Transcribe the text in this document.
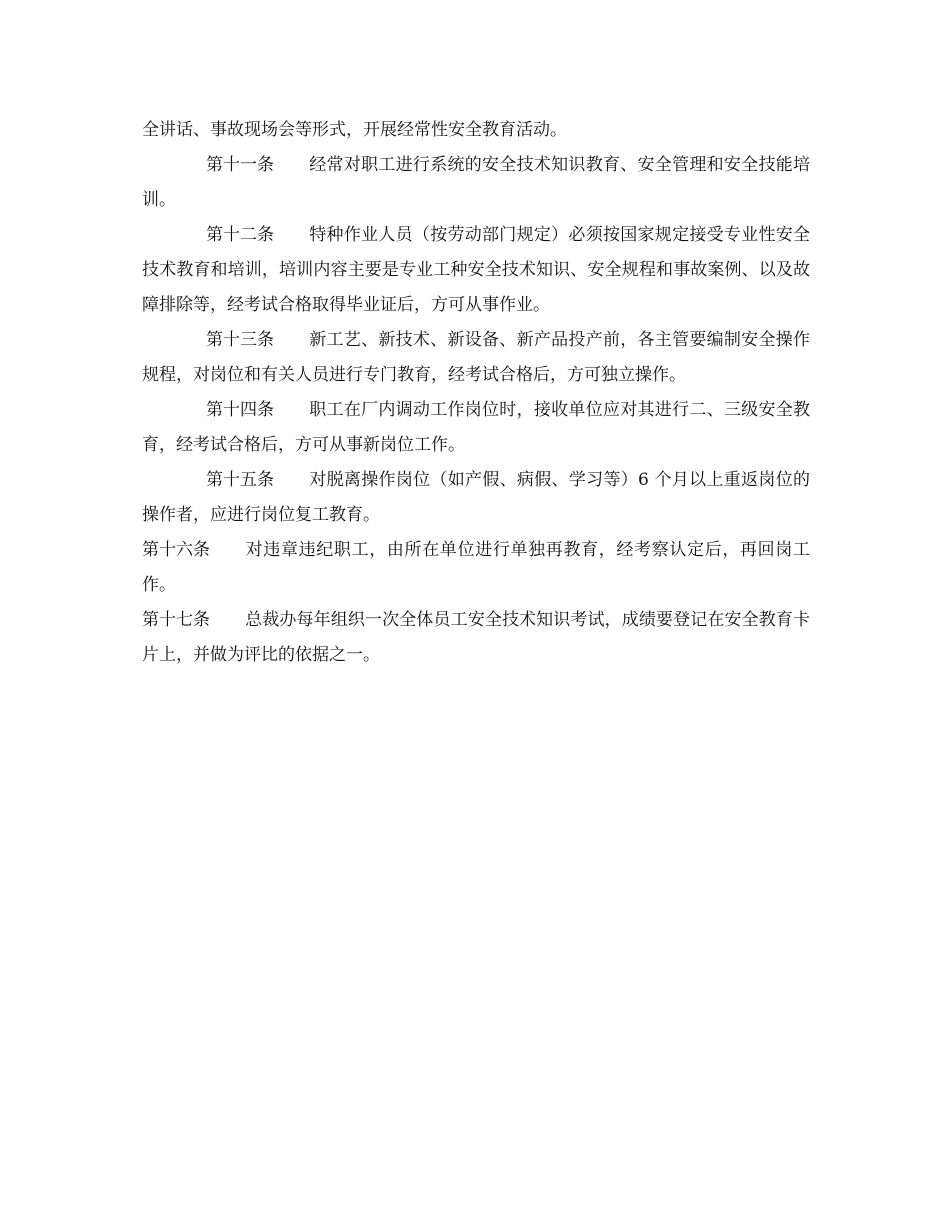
全讲话、事故现场会等形式，开展经常性安全教育活动。

第十一条 经常对职工进行系统的安全技术知识教育、安全管理和安全技能培训。

第十二条 特种作业人员（按劳动部门规定）必须按国家规定接受专业性安全技术教育和培训，培训内容主要是专业工种安全技术知识、安全规程和事故案例、以及故障排除等，经考试合格取得毕业证后，方可从事作业。

第十三条 新工艺、新技术、新设备、新产品投产前，各主管要编制安全操作规程，对岗位和有关人员进行专门教育，经考试合格后，方可独立操作。

第十四条 职工在厂内调动工作岗位时，接收单位应对其进行二、三级安全教育，经考试合格后，方可从事新岗位工作。

第十五条 对脱离操作岗位（如产假、病假、学习等）6 个月以上重返岗位的操作者，应进行岗位复工教育。

第十六条 对违章违纪职工，由所在单位进行单独再教育，经考察认定后，再回岗工作。

第十七条 总裁办每年组织一次全体员工安全技术知识考试，成绩要登记在安全教育卡片上，并做为评比的依据之一。
